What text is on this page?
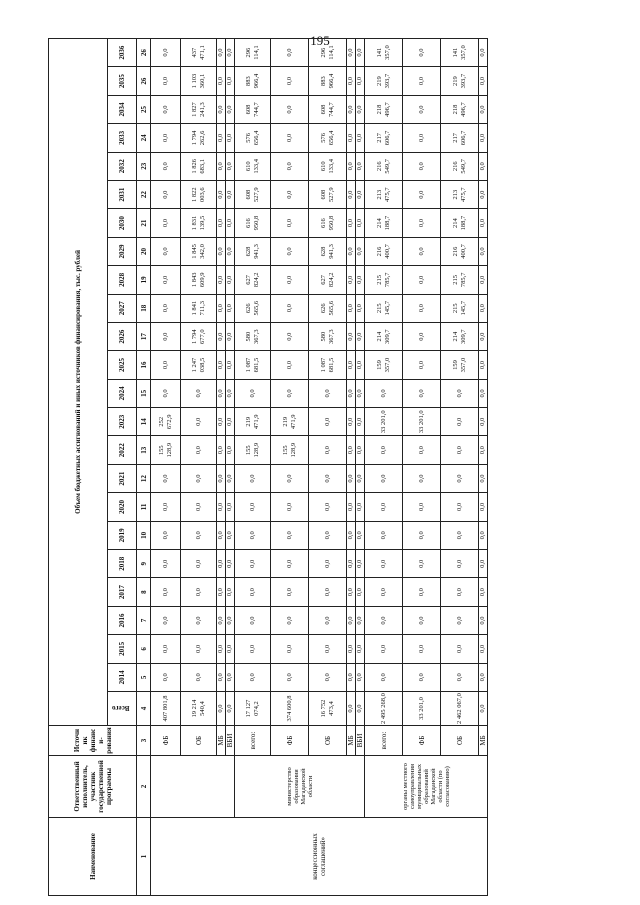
195
Наименование	Ответственный исполнитель, участник государственной программы	Источник финанси-рования	Объем бюджетных ассигнований и иных источников финансирования, тыс. рублей																							
			Всего	2014	2015	2016	2017	2018	2019	2020	2021	2022	2023	2024	2025	2026	2027	2028	2029	2030	2031	2032	2033	2034	2035	2036
1	2	3	4	5	6	7	8	9	10	11	12	13	14	15	16	17	18	19	20	21	22	23	24	25	26	26
концессионных соглашений»		ФБ	407 801,8	0,0	0,0	0,0	0,0	0,0	0,0	0,0	0,0	155 128,9	252 672,9	0,0	0,0	0,0	0,0	0,0	0,0	0,0	0,0	0,0	0,0	0,0	0,0	0,0
		ОБ	19 214 540,4	0,0	0,0	0,0	0,0	0,0	0,0	0,0	0,0	0,0	0,0	0,0	1 247 038,5	1 794 677,0	1 841 711,3	1 843 609,9	1 845 342,0	1 831 139,5	1 822 003,6	1 826 683,1	1 794 262,6	1 827 241,3	1 103 360,1	437 471,1
		МБ	0,0	0,0	0,0	0,0	0,0	0,0	0,0	0,0	0,0	0,0	0,0	0,0	0,0	0,0	0,0	0,0	0,0	0,0	0,0	0,0	0,0	0,0	0,0	0,0
		ВБИ	0,0	0,0	0,0	0,0	0,0	0,0	0,0	0,0	0,0	0,0	0,0	0,0	0,0	0,0	0,0	0,0	0,0	0,0	0,0	0,0	0,0	0,0	0,0	0,0
	министерство образования Магаданской области	всего:	17 127 074,2	0,0	0,0	0,0	0,0	0,0	0,0	0,0	0,0	155 128,9	219 471,9	0,0	1 087 681,5	580 367,3	626 565,6	627 824,2	628 941,3	616 950,8	608 527,9	610 133,4	576 656,4	608 744,7	883 966,4	296 114,1
		ФБ	374 600,8	0,0	0,0	0,0	0,0	0,0	0,0	0,0	0,0	155 128,9	219 471,9	0,0	0,0	0,0	0,0	0,0	0,0	0,0	0,0	0,0	0,0	0,0	0,0	0,0
		ОБ	16 752 473,4	0,0	0,0	0,0	0,0	0,0	0,0	0,0	0,0	0,0	0,0	0,0	1 087 681,5	580 367,3	626 565,6	627 824,2	628 941,3	616 950,8	608 527,9	610 133,4	576 656,4	608 744,7	883 966,4	296 114,1
		МБ	0,0	0,0	0,0	0,0	0,0	0,0	0,0	0,0	0,0	0,0	0,0	0,0	0,0	0,0	0,0	0,0	0,0	0,0	0,0	0,0	0,0	0,0	0,0	0,0
		ВБИ	0,0	0,0	0,0	0,0	0,0	0,0	0,0	0,0	0,0	0,0	0,0	0,0	0,0	0,0	0,0	0,0	0,0	0,0	0,0	0,0	0,0	0,0	0,0	0,0
	органы местного самоуправления муниципальных образований Магаданской области (по согласованию)	всего:	2 495 268,0	0,0	0,0	0,0	0,0	0,0	0,0	0,0	0,0	0,0	33 201,0	0,0	159 357,0	214 309,7	215 145,7	215 785,7	216 400,7	214 188,7	213 475,7	216 549,7	217 606,7	218 496,7	219 393,7	141 357,0
		ФБ	33 201,0	0,0	0,0	0,0	0,0	0,0	0,0	0,0	0,0	0,0	33 201,0	0,0	0,0	0,0	0,0	0,0	0,0	0,0	0,0	0,0	0,0	0,0	0,0	0,0
		ОБ	2 462 067,0	0,0	0,0	0,0	0,0	0,0	0,0	0,0	0,0	0,0	0,0	0,0	159 357,0	214 309,7	215 145,7	215 785,7	216 400,7	214 188,7	213 475,7	216 549,7	217 606,7	218 496,7	219 393,7	141 357,0
		МБ	0,0	0,0	0,0	0,0	0,0	0,0	0,0	0,0	0,0	0,0	0,0	0,0	0,0	0,0	0,0	0,0	0,0	0,0	0,0	0,0	0,0	0,0	0,0	0,0
